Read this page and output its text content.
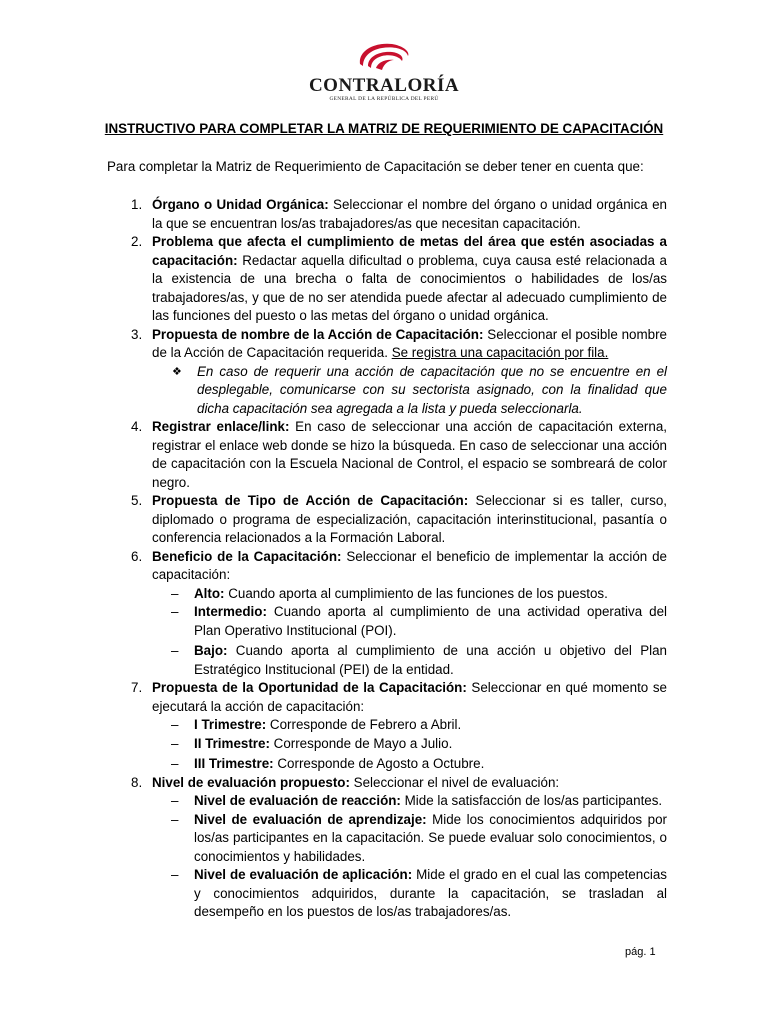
CONTRALORÍA
GENERAL DE LA REPÚBLICA DEL PERÚ
INSTRUCTIVO PARA COMPLETAR LA MATRIZ DE REQUERIMIENTO DE CAPACITACIÓN
Para completar la Matriz de Requerimiento de Capacitación se deber tener en cuenta que:
1. Órgano o Unidad Orgánica: Seleccionar el nombre del órgano o unidad orgánica en la que se encuentran los/as trabajadores/as que necesitan capacitación.
2. Problema que afecta el cumplimiento de metas del área que estén asociadas a capacitación: Redactar aquella dificultad o problema, cuya causa esté relacionada a la existencia de una brecha o falta de conocimientos o habilidades de los/as trabajadores/as, y que de no ser atendida puede afectar al adecuado cumplimiento de las funciones del puesto o las metas del órgano o unidad orgánica.
3. Propuesta de nombre de la Acción de Capacitación: Seleccionar el posible nombre de la Acción de Capacitación requerida. Se registra una capacitación por fila.
❖	En caso de requerir una acción de capacitación que no se encuentre en el desplegable, comunicarse con su sectorista asignado, con la finalidad que dicha capacitación sea agregada a la lista y pueda seleccionarla.
4. Registrar enlace/link: En caso de seleccionar una acción de capacitación externa, registrar el enlace web donde se hizo la búsqueda. En caso de seleccionar una acción de capacitación con la Escuela Nacional de Control, el espacio se sombreará de color negro.
5. Propuesta de Tipo de Acción de Capacitación: Seleccionar si es taller, curso, diplomado o programa de especialización, capacitación interinstitucional, pasantía o conferencia relacionados a la Formación Laboral.
6. Beneficio de la Capacitación: Seleccionar el beneficio de implementar la acción de capacitación:
–	Alto: Cuando aporta al cumplimiento de las funciones de los puestos.
–	Intermedio: Cuando aporta al cumplimiento de una actividad operativa del Plan Operativo Institucional (POI).
–	Bajo: Cuando aporta al cumplimiento de una acción u objetivo del Plan Estratégico Institucional (PEI) de la entidad.
7. Propuesta de la Oportunidad de la Capacitación: Seleccionar en qué momento se ejecutará la acción de capacitación:
–	I Trimestre: Corresponde de Febrero a Abril.
–	II Trimestre: Corresponde de Mayo a Julio.
–	III Trimestre: Corresponde de Agosto a Octubre.
8. Nivel de evaluación propuesto: Seleccionar el nivel de evaluación:
–	Nivel de evaluación de reacción: Mide la satisfacción de los/as participantes.
–	Nivel de evaluación de aprendizaje: Mide los conocimientos adquiridos por los/as participantes en la capacitación. Se puede evaluar solo conocimientos, o conocimientos y habilidades.
–	Nivel de evaluación de aplicación: Mide el grado en el cual las competencias y conocimientos adquiridos, durante la capacitación, se trasladan al desempeño en los puestos de los/as trabajadores/as.
pág. 1
